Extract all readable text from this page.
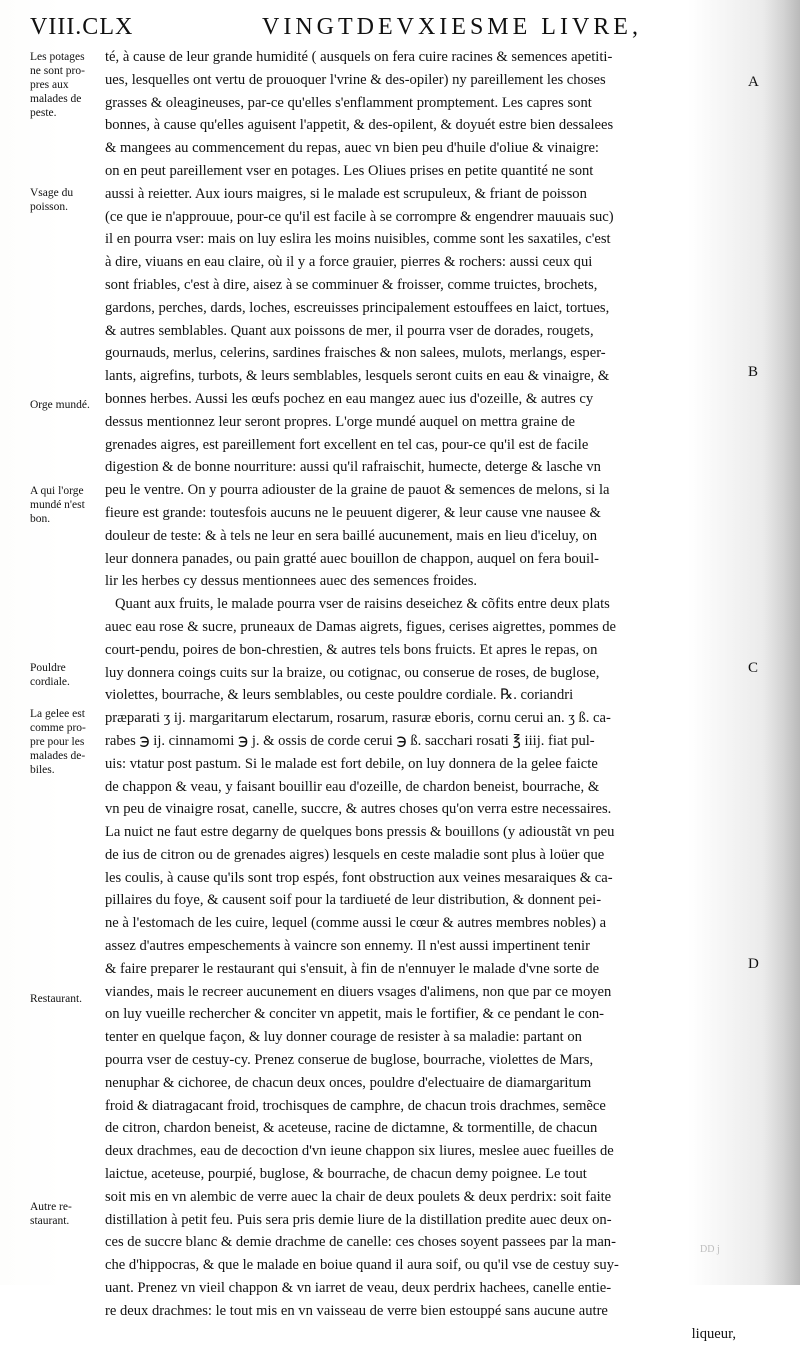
VIII.CLX	VINGTDEVXIESME LIVRE,
Les potages
ne sont pro-
pres aux
malades de
peste.
Vsage du
poisson.
Orge mundé.
A qui l'orge
mundé n'est
bon.
Pouldre
cordiale.
La gelee est
comme pro-
pre pour les
malades de-
biles.
Restaurant.
Autre re-
staurant.
A
B
C
D
té, à cause de leur grande humidité ( ausquels on fera cuire racines & semences apetiti-
ues, lesquelles ont vertu de prouoquer l'vrine & des-opiler) ny pareillement les choses
grasses & oleagineuses, par-ce qu'elles s'enflamment promptement. Les capres sont
bonnes, à cause qu'elles aguisent l'appetit, & des-opilent, & doyuét estre bien dessalees
& mangees au commencement du repas, auec vn bien peu d'huile d'oliue & vinaigre:
on en peut pareillement vser en potages. Les Oliues prises en petite quantité ne sont
aussi à reietter. Aux iours maigres, si le malade est scrupuleux, & friant de poisson
(ce que ie n'approuue, pour-ce qu'il est facile à se corrompre & engendrer mauuais suc)
il en pourra vser: mais on luy eslira les moins nuisibles, comme sont les saxatiles, c'est
à dire, viuans en eau claire, où il y a force grauier, pierres & rochers: aussi ceux qui
sont friables, c'est à dire, aisez à se comminuer & froisser, comme truictes, brochets,
gardons, perches, dards, loches, escreuisses principalement estouffees en laict, tortues,
& autres semblables. Quant aux poissons de mer, il pourra vser de dorades, rougets,
gournauds, merlus, celerins, sardines fraisches & non salees, mulots, merlangs, esper-
lants, aigrefins, turbots, & leurs semblables, lesquels seront cuits en eau & vinaigre, &
bonnes herbes. Aussi les œufs pochez en eau mangez auec ius d'ozeille, & autres cy
dessus mentionnez leur seront propres. L'orge mundé auquel on mettra graine de
grenades aigres, est pareillement fort excellent en tel cas, pour-ce qu'il est de facile
digestion & de bonne nourriture: aussi qu'il rafraischit, humecte, deterge & lasche vn
peu le ventre. On y pourra adiouster de la graine de pauot & semences de melons, si la
fieure est grande: toutesfois aucuns ne le peuuent digerer, & leur cause vne nausee &
douleur de teste: & à tels ne leur en sera baillé aucunement, mais en lieu d'iceluy, on
leur donnera panades, ou pain gratté auec bouillon de chappon, auquel on fera bouil-
lir les herbes cy dessus mentionnees auec des semences froides.
Quant aux fruits, le malade pourra vser de raisins deseichez & cõfits entre deux plats
auec eau rose & sucre, pruneaux de Damas aigrets, figues, cerises aigrettes, pommes de
court-pendu, poires de bon-chrestien, & autres tels bons fruicts. Et apres le repas, on
luy donnera coings cuits sur la braize, ou cotignac, ou conserue de roses, de buglose,
violettes, bourrache, & leurs semblables, ou ceste pouldre cordiale. ℞. coriandri
præparati ʒ ij. margaritarum electarum, rosarum, rasuræ eboris, cornu cerui an. ʒ ß. ca-
rabes ℈ ij. cinnamomi ℈ j. & ossis de corde cerui ℈ ß. sacchari rosati ℥ iiij. fiat pul-
uis: vtatur post pastum. Si le malade est fort debile, on luy donnera de la gelee faicte
de chappon & veau, y faisant bouillir eau d'ozeille, de chardon beneist, bourrache, &
vn peu de vinaigre rosat, canelle, succre, & autres choses qu'on verra estre necessaires.
La nuict ne faut estre degarny de quelques bons pressis & bouillons (y adioustãt vn peu
de ius de citron ou de grenades aigres) lesquels en ceste maladie sont plus à loüer que
les coulis, à cause qu'ils sont trop espés, font obstruction aux veines mesaraiques & ca-
pillaires du foye, & causent soif pour la tardiueté de leur distribution, & donnent pei-
ne à l'estomach de les cuire, lequel (comme aussi le cœur & autres membres nobles) a
assez d'autres empeschements à vaincre son ennemy. Il n'est aussi impertinent tenir
& faire preparer le restaurant qui s'ensuit, à fin de n'ennuyer le malade d'vne sorte de
viandes, mais le recreer aucunement en diuers vsages d'alimens, non que par ce moyen
on luy vueille rechercher & conciter vn appetit, mais le fortifier, & ce pendant le con-
tenter en quelque façon, & luy donner courage de resister à sa maladie: partant on
pourra vser de cestuy-cy. Prenez conserue de buglose, bourrache, violettes de Mars,
nenuphar & cichoree, de chacun deux onces, pouldre d'electuaire de diamargaritum
froid & diatragacant froid, trochisques de camphre, de chacun trois drachmes, semẽce
de citron, chardon beneist, & aceteuse, racine de dictamne, & tormentille, de chacun
deux drachmes, eau de decoction d'vn ieune chappon six liures, meslee auec fueilles de
laictue, aceteuse, pourpié, buglose, & bourrache, de chacun demy poignee. Le tout
soit mis en vn alembic de verre auec la chair de deux poulets & deux perdrix: soit faite
distillation à petit feu. Puis sera pris demie liure de la distillation predite auec deux on-
ces de succre blanc & demie drachme de canelle: ces choses soyent passees par la man-
che d'hippocras, & que le malade en boiue quand il aura soif, ou qu'il vse de cestuy suy-
uant. Prenez vn vieil chappon & vn iarret de veau, deux perdrix hachees, canelle entie-
re deux drachmes: le tout mis en vn vaisseau de verre bien estouppé sans aucune autre
liqueur,
DD j
